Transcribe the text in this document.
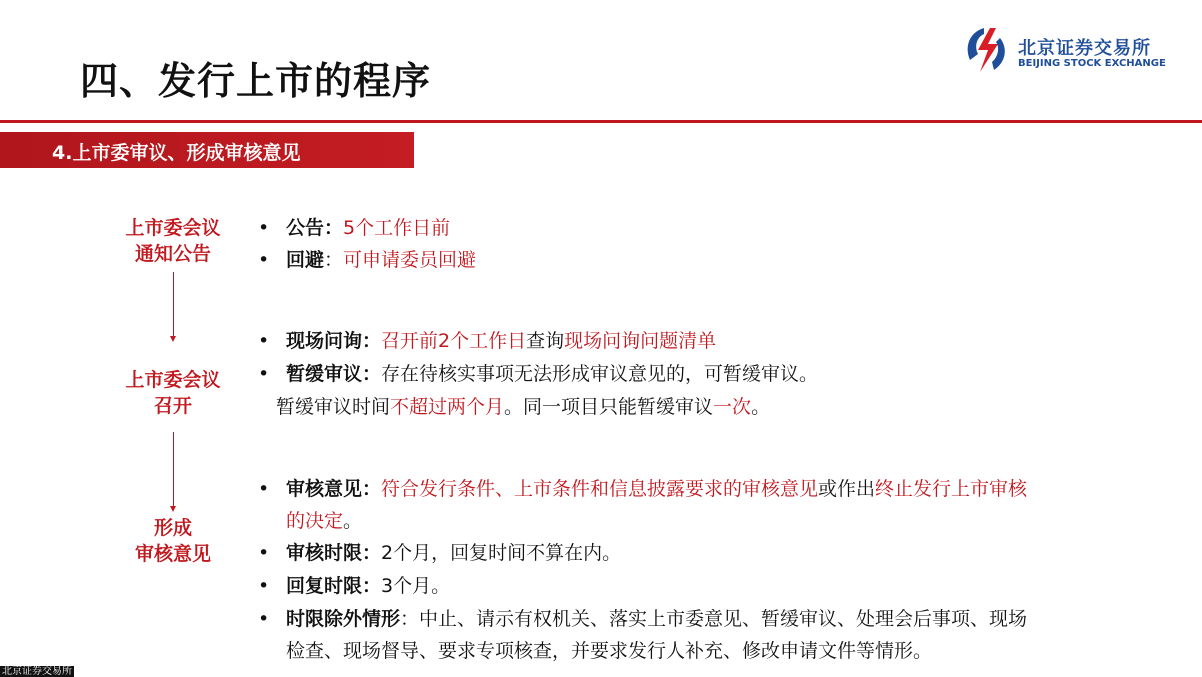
四、发行上市的程序
北京证券交易所
BEIJING STOCK EXCHANGE
4.上市委审议、形成审核意见
上市委会议
通知公告
上市委会议
召开
形成
审核意见
• 公告：5个工作日前
• 回避：可申请委员回避
• 现场问询：召开前2个工作日查询现场问询问题清单
• 暂缓审议：存在待核实事项无法形成审议意见的，可暂缓审议。
暂缓审议时间不超过两个月。同一项目只能暂缓审议一次。
• 审核意见：符合发行条件、上市条件和信息披露要求的审核意见或作出终止发行上市审核
的决定。
• 审核时限：2个月，回复时间不算在内。
• 回复时限：3个月。
• 时限除外情形：中止、请示有权机关、落实上市委意见、暂缓审议、处理会后事项、现场
检查、现场督导、要求专项核查，并要求发行人补充、修改申请文件等情形。
北京证券交易所
